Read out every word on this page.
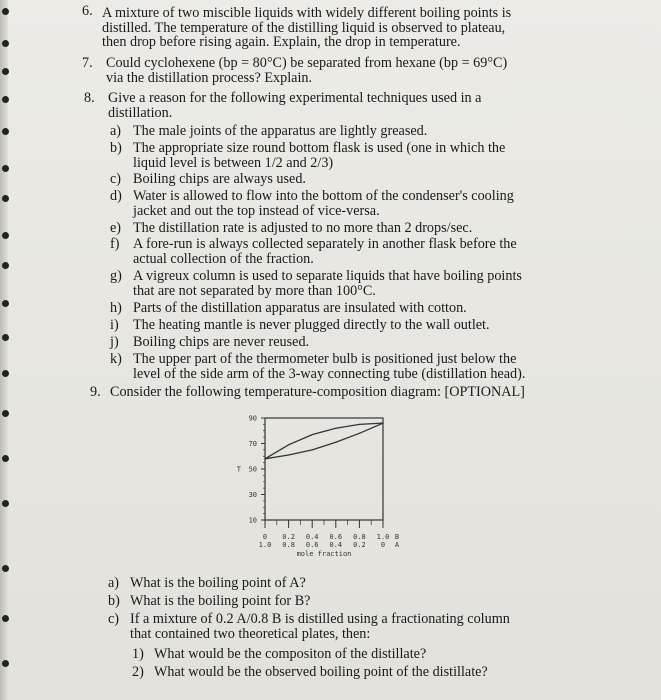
6. A mixture of two miscible liquids with widely different boiling points is
distilled. The temperature of the distilling liquid is observed to plateau,
then drop before rising again. Explain, the drop in temperature.
7. Could cyclohexene (bp = 80°C) be separated from hexane (bp = 69°C)
via the distillation process? Explain.
8. Give a reason for the following experimental techniques used in a
distillation.
a) The male joints of the apparatus are lightly greased.
b) The appropriate size round bottom flask is used (one in which the
liquid level is between 1/2 and 2/3)
c) Boiling chips are always used.
d) Water is allowed to flow into the bottom of the condenser's cooling
jacket and out the top instead of vice-versa.
e) The distillation rate is adjusted to no more than 2 drops/sec.
f) A fore-run is always collected separately in another flask before the
actual collection of the fraction.
g) A vigreux column is used to separate liquids that have boiling points
that are not separated by more than 100°C.
h) Parts of the distillation apparatus are insulated with cotton.
i) The heating mantle is never plugged directly to the wall outlet.
j) Boiling chips are never reused.
k) The upper part of the thermometer bulb is positioned just below the
level of the side arm of the 3-way connecting tube (distillation head).
9. Consider the following temperature-composition diagram: [OPTIONAL]
90
70
50
30
10
T
0
1.0
0.2
0.8
0.4
0.6
0.6
0.4
0.8
0.2
1.0
0
B
A
mole fraction
a) What is the boiling point of A?
b) What is the boiling point for B?
c) If a mixture of 0.2 A/0.8 B is distilled using a fractionating column
that contained two theoretical plates, then:
1) What would be the compositon of the distillate?
2) What would be the observed boiling point of the distillate?
